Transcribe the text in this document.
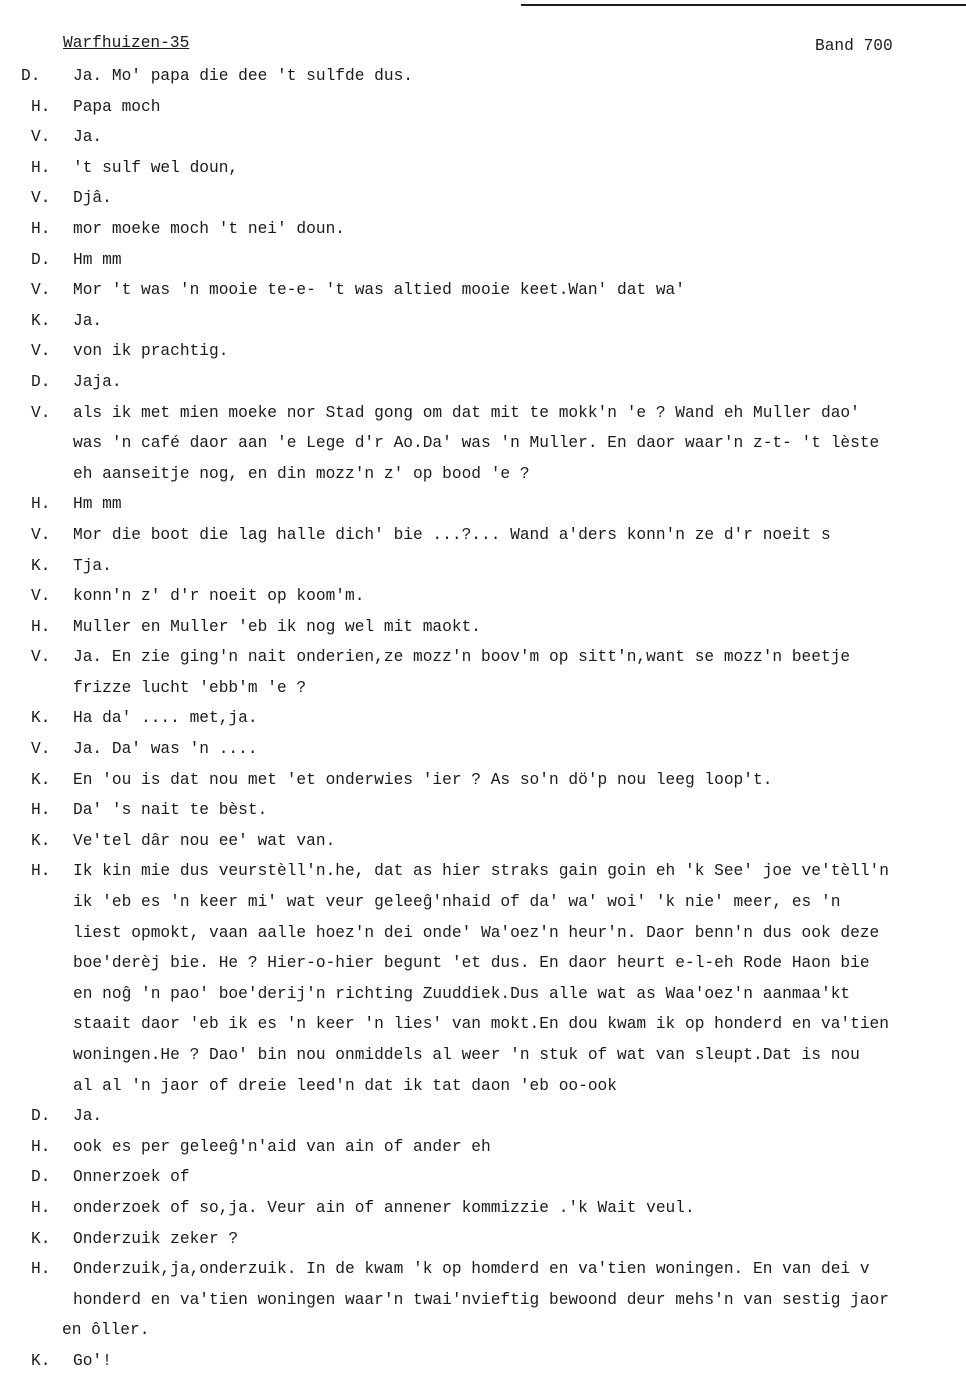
Warfhuizen-35	Band 700
D.	Ja. Mo' papa die dee 't sulfde dus.
H.	Papa moch
V.	Ja.
H.	't sulf wel doun,
V.	Djâ.
H.	mor moeke moch 't nei' doun.
D.	Hm mm
V.	Mor 't was 'n mooie te-e- 't was altied mooie keet.Wan' dat wa'
K.	Ja.
V.	von ik prachtig.
D.	Jaja.
V.	als ik met mien moeke nor Stad gong om dat mit te mokk'n 'e ? Wand eh Muller dao'
was 'n café daor aan 'e Lege d'r Ao.Da' was 'n Muller. En daor waar'n z-t- 't lèste
eh aanseitje nog, en din mozz'n z' op bood 'e ?
H.	Hm mm
V.	Mor die boot die lag halle dich' bie ...?... Wand a'ders konn'n ze d'r noeit s
K.	Tja.
V.	konn'n z' d'r noeit op koom'm.
H.	Muller en Muller 'eb ik nog wel mit maokt.
V.	Ja. En zie ging'n nait onderien,ze mozz'n boov'm op sitt'n,want se mozz'n beetje
frizze lucht 'ebb'm 'e ?
K.	Ha da' .... met,ja.
V.	Ja. Da' was 'n ....
K.	En 'ou is dat nou met 'et onderwies 'ier ? As so'n dö'p nou leeg loop't.
H.	Da' 's nait te bèst.
K.	Ve'tel dâr nou ee' wat van.
H.	Ik kin mie dus veurstèll'n.he, dat as hier straks gain goin eh 'k See' joe ve'tèll'n
ik 'eb es 'n keer mi' wat veur geleeĝ'nhaid of da' wa' woi' 'k nie' meer, es 'n
liest opmokt, vaan aalle hoez'n dei onde' Wa'oez'n heur'n. Daor benn'n dus ook deze
boe'derèj bie. He ? Hier-o-hier begunt 'et dus. En daor heurt e-l-eh Rode Haon bie
en noĝ 'n pao' boe'derij'n richting Zuuddiek.Dus alle wat as Waa'oez'n aanmaa'kt
staait daor 'eb ik es 'n keer 'n lies' van mokt.En dou kwam ik op honderd en va'tien
woningen.He ? Dao' bin nou onmiddels al weer 'n stuk of wat van sleupt.Dat is nou
al al 'n jaor of dreie leed'n dat ik tat daon 'eb oo-ook
D.	Ja.
H.	ook es per geleeĝ'n'aid van ain of ander eh
D.	Onnerzoek of
H.	onderzoek of so,ja. Veur ain of annener kommizzie .'k Wait veul.
K.	Onderzuik zeker ?
H.	Onderzuik,ja,onderzuik. In de kwam 'k op homderd en va'tien woningen. En van dei v
honderd en va'tien woningen waar'n twai'nvieftig bewoond deur mehs'n van sestig jaor
en ôller.
K.	Go'!
